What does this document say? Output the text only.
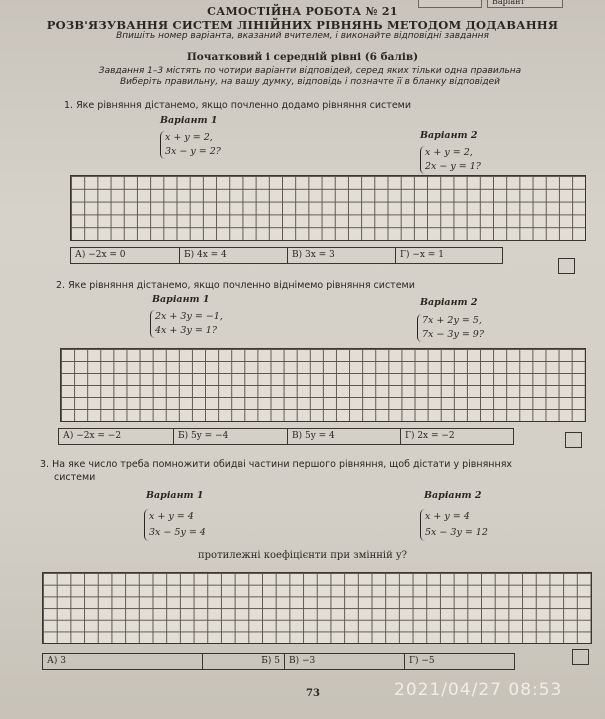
Варіант
САМОСТІЙНА РОБОТА № 21
РОЗВ'ЯЗУВАННЯ СИСТЕМ ЛІНІЙНИХ РІВНЯНЬ МЕТОДОМ ДОДАВАННЯ
Впишіть номер варіанта, вказаний вчителем, і виконайте відповідні завдання
Початковий і середній рівні (6 балів)
Завдання 1–3 містять по чотири варіанти відповідей, серед яких тільки одна правильна
Виберіть правильну, на вашу думку, відповідь і позначте її в бланку відповідей
1. Яке рівняння дістанемо, якщо почленно додамо рівняння системи
Варіант 1
x + y = 2,
3x − y = 2?
Варіант 2
x + y = 2,
2x − y = 1?
А) −2x = 0	Б) 4x = 4	В) 3x = 3	Г) −x = 1
2. Яке рівняння дістанемо, якщо почленно віднімемо рівняння системи
Варіант 1
2x + 3y = −1,
4x + 3y = 1?
Варіант 2
7x + 2y = 5,
7x − 3y = 9?
А) −2x = −2	Б) 5y = −4	В) 5y = 4	Г) 2x = −2
3. На яке число треба помножити обидві частини першого рівняння, щоб дістати у рівняннях
системи
Варіант 1
x + y = 4
3x − 5y = 4
Варіант 2
x + y = 4
5x − 3y = 12
протилежні коефіцієнти при змінній y?
А) 3	Б) 5	В) −3	Г) −5
73	2021/04/27 08:53
